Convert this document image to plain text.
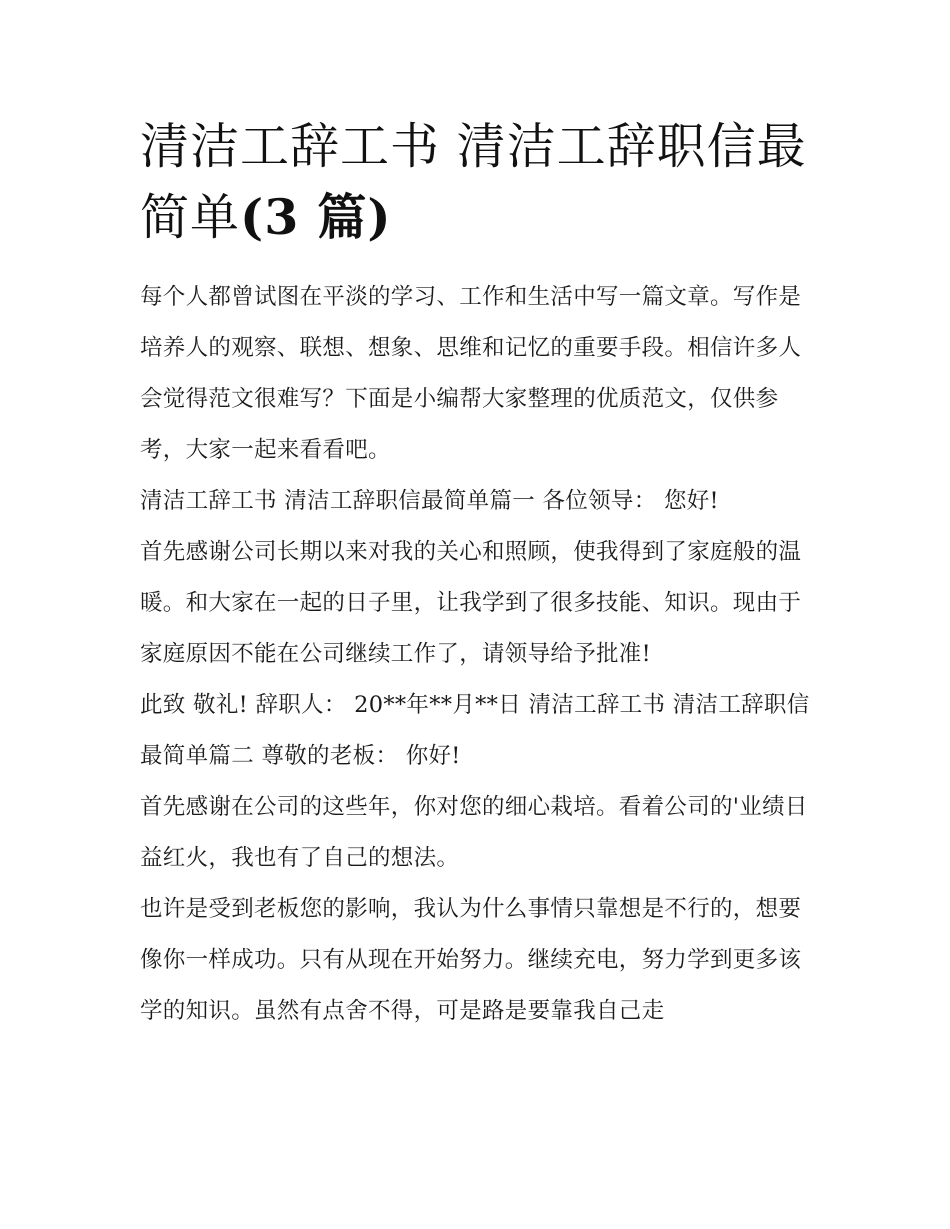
清洁工辞工书 清洁工辞职信最简单(3 篇)

每个人都曾试图在平淡的学习、工作和生活中写一篇文章。写作是培养人的观察、联想、想象、思维和记忆的重要手段。相信许多人会觉得范文很难写？下面是小编帮大家整理的优质范文，仅供参考，大家一起来看看吧。

清洁工辞工书 清洁工辞职信最简单篇一 各位领导： 您好!

首先感谢公司长期以来对我的关心和照顾，使我得到了家庭般的温暖。和大家在一起的日子里，让我学到了很多技能、知识。现由于家庭原因不能在公司继续工作了，请领导给予批准!

此致 敬礼! 辞职人： 20**年**月**日 清洁工辞工书 清洁工辞职信最简单篇二 尊敬的老板： 你好!

首先感谢在公司的这些年，你对您的细心栽培。看着公司的'业绩日益红火，我也有了自己的想法。

也许是受到老板您的影响，我认为什么事情只靠想是不行的，想要像你一样成功。只有从现在开始努力。继续充电，努力学到更多该学的知识。虽然有点舍不得，可是路是要靠我自己走
